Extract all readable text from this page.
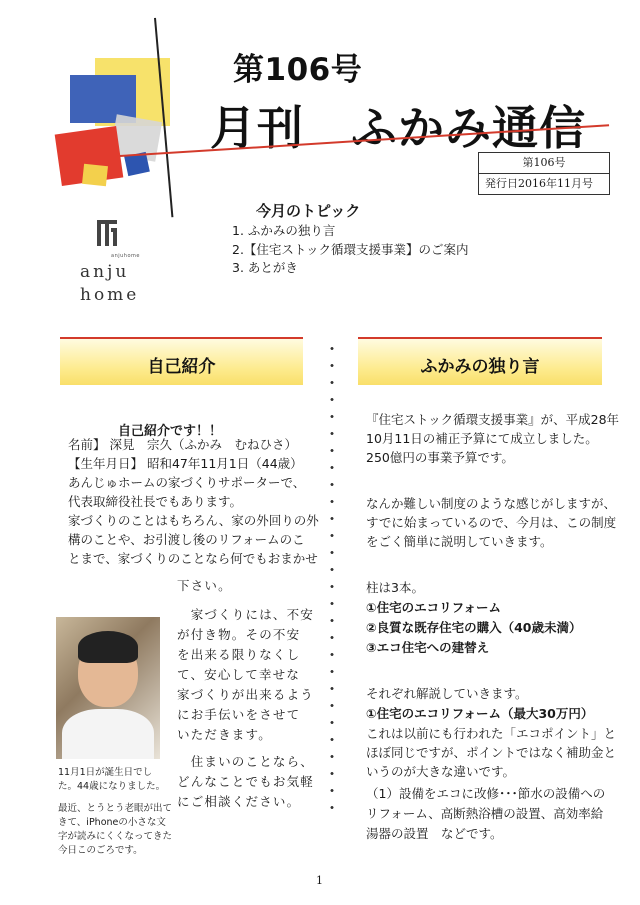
第106号
月刊　ふかみ通信
第106号
発行日2016年11月号
anjuhome
anju
home
今月のトピック
1. ふかみの独り言
2.【住宅ストック循環支援事業】のご案内
3. あとがき
自己紹介	ふかみの独り言
自己紹介です！！
名前】 深見　宗久（ふかみ　むねひさ）
【生年月日】 昭和47年11月1日（44歳）
あんじゅホームの家づくりサポーターで、
代表取締役社長でもあります。
家づくりのことはもちろん、家の外回りの外
構のことや、お引渡し後のリフォームのこ
とまで、家づくりのことなら何でもおまかせ
下さい。
　家づくりには、不安
が付き物。その不安
を出来る限りなくし
て、安心して幸せな
家づくりが出来るよう
にお手伝いをさせて
いただきます。
　住まいのことなら、
どんなことでもお気軽
にご相談ください。
11月1日が誕生日でし
た。44歳になりました。
最近、とうとう老眼が出て
きて、iPhoneの小さな文
字が読みにくくなってきた
今日このごろです。
『住宅ストック循環支援事業』が、平成28年
10月11日の補正予算にて成立しました。
250億円の事業予算です。
なんか難しい制度のような感じがしますが、
すでに始まっているので、今月は、この制度
をごく簡単に説明していきます。
柱は3本。
①住宅のエコリフォーム
②良質な既存住宅の購入（40歳未満）
③エコ住宅への建替え
それぞれ解説していきます。
①住宅のエコリフォーム（最大30万円）
これは以前にも行われた「エコポイント」と
ほぼ同じですが、ポイントではなく補助金と
いうのが大きな違いです。
（1）設備をエコに改修･･･節水の設備への
リフォーム、高断熱浴槽の設置、高効率給
湯器の設置　などです。
1
